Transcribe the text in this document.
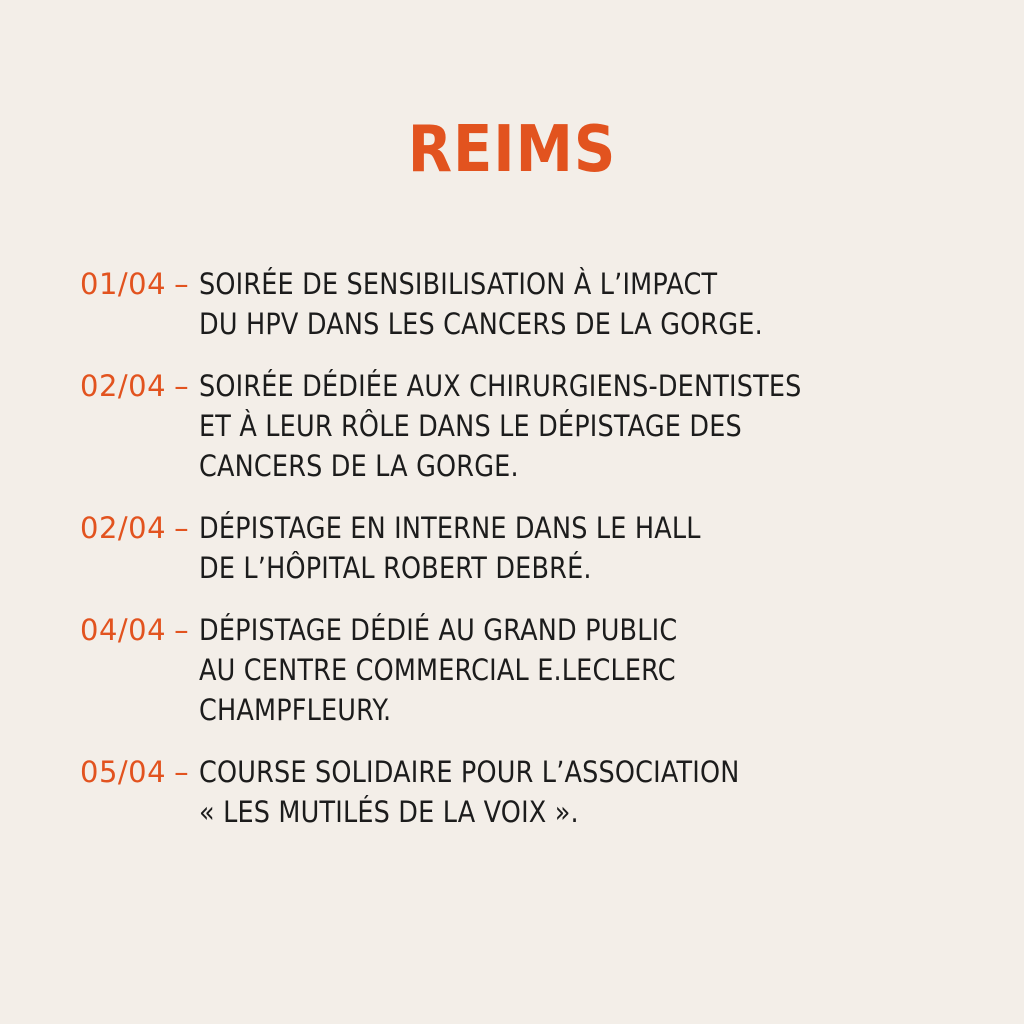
REIMS
01/04 – SOIRÉE DE SENSIBILISATION À L’IMPACT
DU HPV DANS LES CANCERS DE LA GORGE.
02/04 – SOIRÉE DÉDIÉE AUX CHIRURGIENS-DENTISTES
ET À LEUR RÔLE DANS LE DÉPISTAGE DES
CANCERS DE LA GORGE.
02/04 – DÉPISTAGE EN INTERNE DANS LE HALL
DE L’HÔPITAL ROBERT DEBRÉ.
04/04 – DÉPISTAGE DÉDIÉ AU GRAND PUBLIC
AU CENTRE COMMERCIAL E.LECLERC
CHAMPFLEURY.
05/04 – COURSE SOLIDAIRE POUR L’ASSOCIATION
« LES MUTILÉS DE LA VOIX ».
